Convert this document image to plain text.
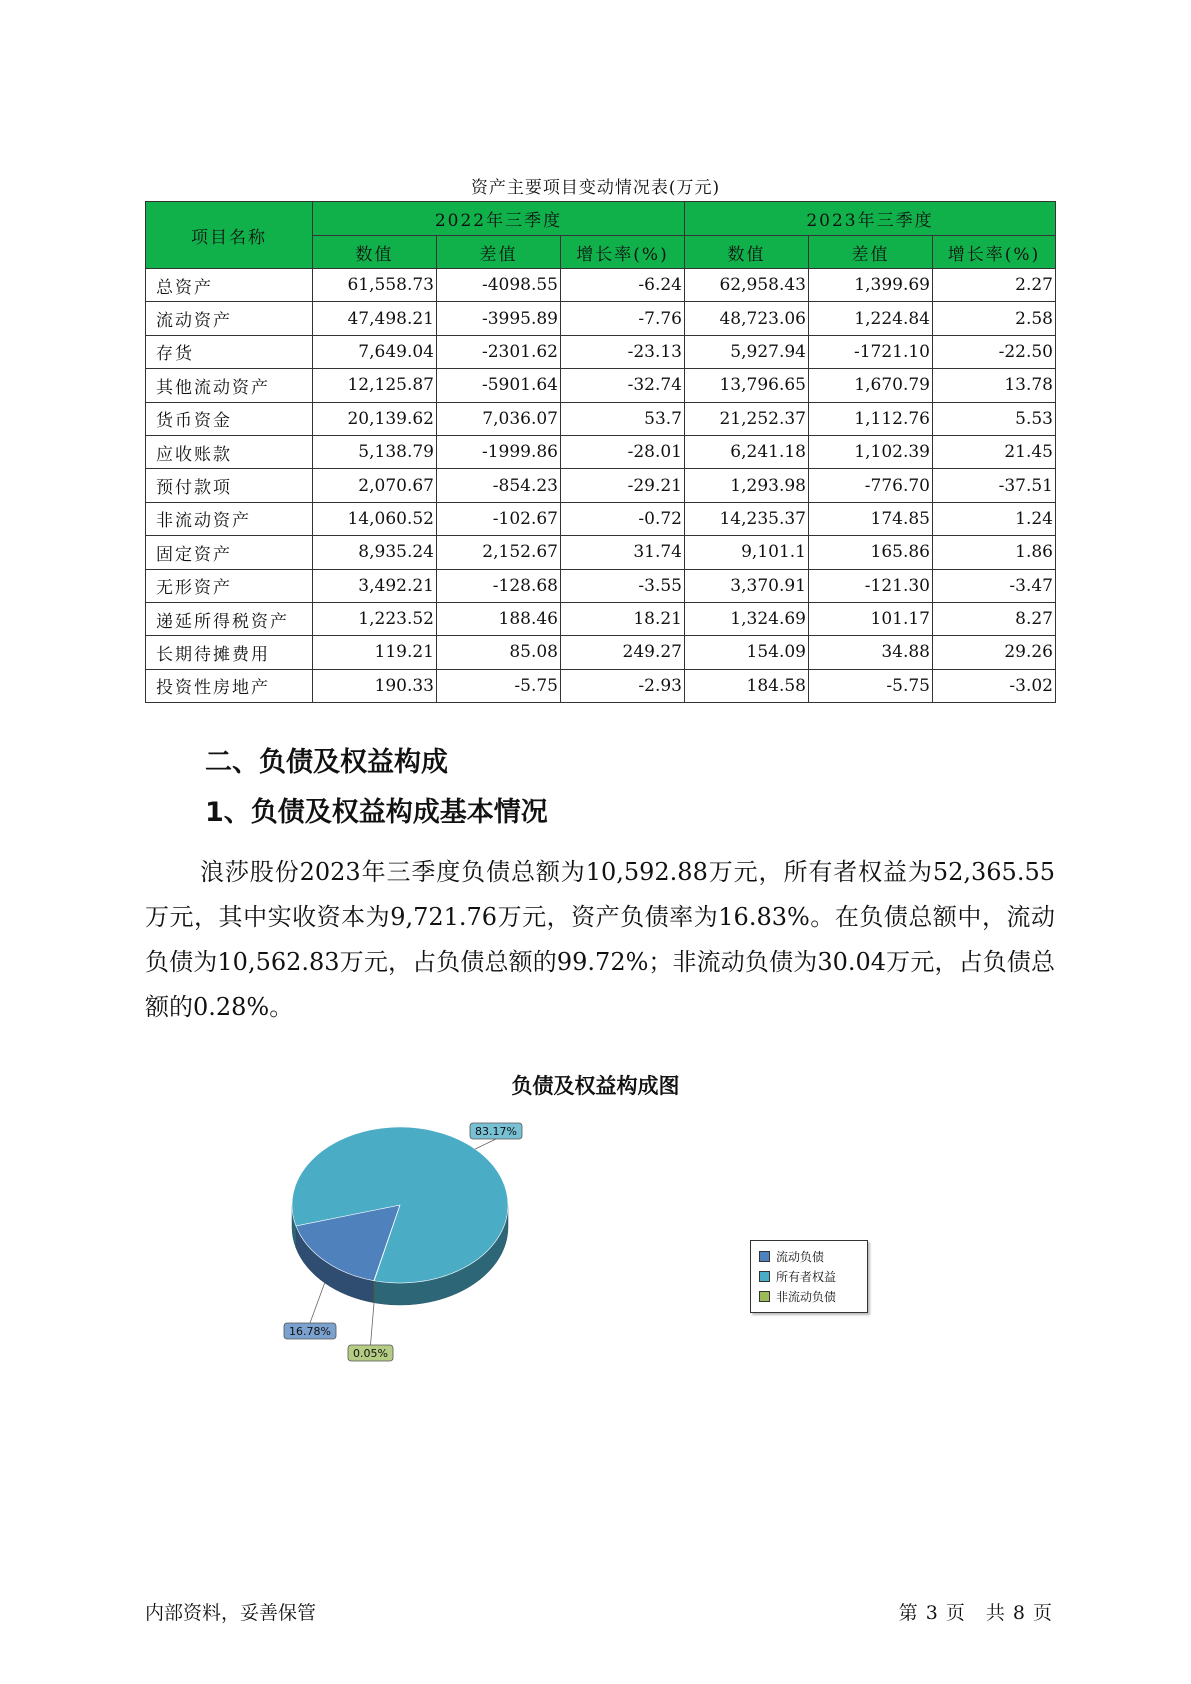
资产主要项目变动情况表(万元)
项目名称	2022年三季度			2023年三季度		
	数值	差值	增长率(%)	数值	差值	增长率(%)
总资产	61,558.73	-4098.55	-6.24	62,958.43	1,399.69	2.27
流动资产	47,498.21	-3995.89	-7.76	48,723.06	1,224.84	2.58
存货	7,649.04	-2301.62	-23.13	5,927.94	-1721.10	-22.50
其他流动资产	12,125.87	-5901.64	-32.74	13,796.65	1,670.79	13.78
货币资金	20,139.62	7,036.07	53.7	21,252.37	1,112.76	5.53
应收账款	5,138.79	-1999.86	-28.01	6,241.18	1,102.39	21.45
预付款项	2,070.67	-854.23	-29.21	1,293.98	-776.70	-37.51
非流动资产	14,060.52	-102.67	-0.72	14,235.37	174.85	1.24
固定资产	8,935.24	2,152.67	31.74	9,101.1	165.86	1.86
无形资产	3,492.21	-128.68	-3.55	3,370.91	-121.30	-3.47
递延所得税资产	1,223.52	188.46	18.21	1,324.69	101.17	8.27
长期待摊费用	119.21	85.08	249.27	154.09	34.88	29.26
投资性房地产	190.33	-5.75	-2.93	184.58	-5.75	-3.02
二、负债及权益构成
1、负债及权益构成基本情况
浪莎股份2023年三季度负债总额为10,592.88万元，所有者权益为52,365.55万元，其中实收资本为9,721.76万元，资产负债率为16.83%。在负债总额中，流动负债为10,562.83万元，占负债总额的99.72%；非流动负债为30.04万元，占负债总额的0.28%。
负债及权益构成图
16.78%
83.17%
0.05%
流动负债
所有者权益
非流动负债
内部资料，妥善保管	第 3 页　共 8 页
